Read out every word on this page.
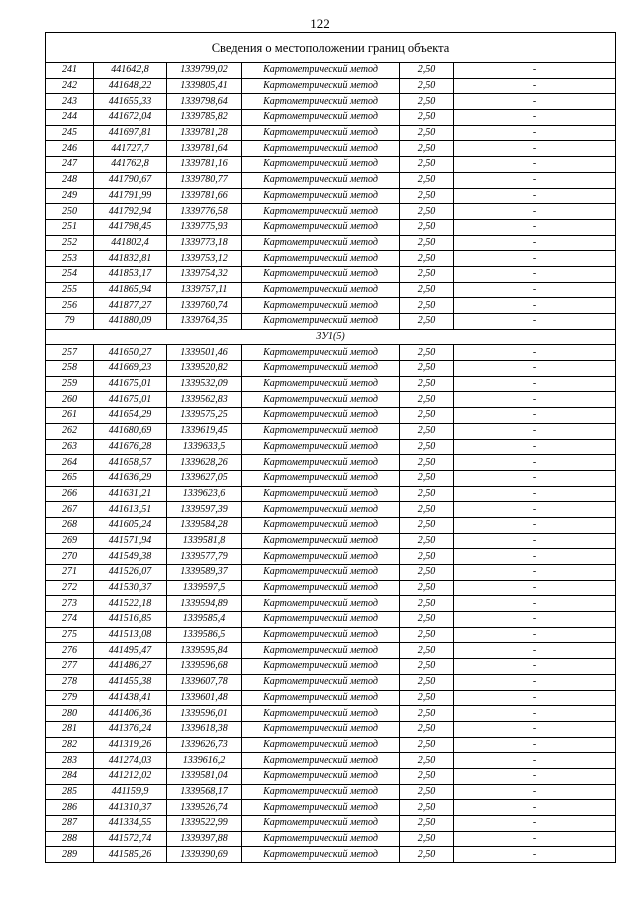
122
Сведения о местоположении границ объекта					
241	441642,8	1339799,02	Картометрический метод	2,50	-
242	441648,22	1339805,41	Картометрический метод	2,50	-
243	441655,33	1339798,64	Картометрический метод	2,50	-
244	441672,04	1339785,82	Картометрический метод	2,50	-
245	441697,81	1339781,28	Картометрический метод	2,50	-
246	441727,7	1339781,64	Картометрический метод	2,50	-
247	441762,8	1339781,16	Картометрический метод	2,50	-
248	441790,67	1339780,77	Картометрический метод	2,50	-
249	441791,99	1339781,66	Картометрический метод	2,50	-
250	441792,94	1339776,58	Картометрический метод	2,50	-
251	441798,45	1339775,93	Картометрический метод	2,50	-
252	441802,4	1339773,18	Картометрический метод	2,50	-
253	441832,81	1339753,12	Картометрический метод	2,50	-
254	441853,17	1339754,32	Картометрический метод	2,50	-
255	441865,94	1339757,11	Картометрический метод	2,50	-
256	441877,27	1339760,74	Картометрический метод	2,50	-
79	441880,09	1339764,35	Картометрический метод	2,50	-
3У1(5)					
257	441650,27	1339501,46	Картометрический метод	2,50	-
258	441669,23	1339520,82	Картометрический метод	2,50	-
259	441675,01	1339532,09	Картометрический метод	2,50	-
260	441675,01	1339562,83	Картометрический метод	2,50	-
261	441654,29	1339575,25	Картометрический метод	2,50	-
262	441680,69	1339619,45	Картометрический метод	2,50	-
263	441676,28	1339633,5	Картометрический метод	2,50	-
264	441658,57	1339628,26	Картометрический метод	2,50	-
265	441636,29	1339627,05	Картометрический метод	2,50	-
266	441631,21	1339623,6	Картометрический метод	2,50	-
267	441613,51	1339597,39	Картометрический метод	2,50	-
268	441605,24	1339584,28	Картометрический метод	2,50	-
269	441571,94	1339581,8	Картометрический метод	2,50	-
270	441549,38	1339577,79	Картометрический метод	2,50	-
271	441526,07	1339589,37	Картометрический метод	2,50	-
272	441530,37	1339597,5	Картометрический метод	2,50	-
273	441522,18	1339594,89	Картометрический метод	2,50	-
274	441516,85	1339585,4	Картометрический метод	2,50	-
275	441513,08	1339586,5	Картометрический метод	2,50	-
276	441495,47	1339595,84	Картометрический метод	2,50	-
277	441486,27	1339596,68	Картометрический метод	2,50	-
278	441455,38	1339607,78	Картометрический метод	2,50	-
279	441438,41	1339601,48	Картометрический метод	2,50	-
280	441406,36	1339596,01	Картометрический метод	2,50	-
281	441376,24	1339618,38	Картометрический метод	2,50	-
282	441319,26	1339626,73	Картометрический метод	2,50	-
283	441274,03	1339616,2	Картометрический метод	2,50	-
284	441212,02	1339581,04	Картометрический метод	2,50	-
285	441159,9	1339568,17	Картометрический метод	2,50	-
286	441310,37	1339526,74	Картометрический метод	2,50	-
287	441334,55	1339522,99	Картометрический метод	2,50	-
288	441572,74	1339397,88	Картометрический метод	2,50	-
289	441585,26	1339390,69	Картометрический метод	2,50	-
